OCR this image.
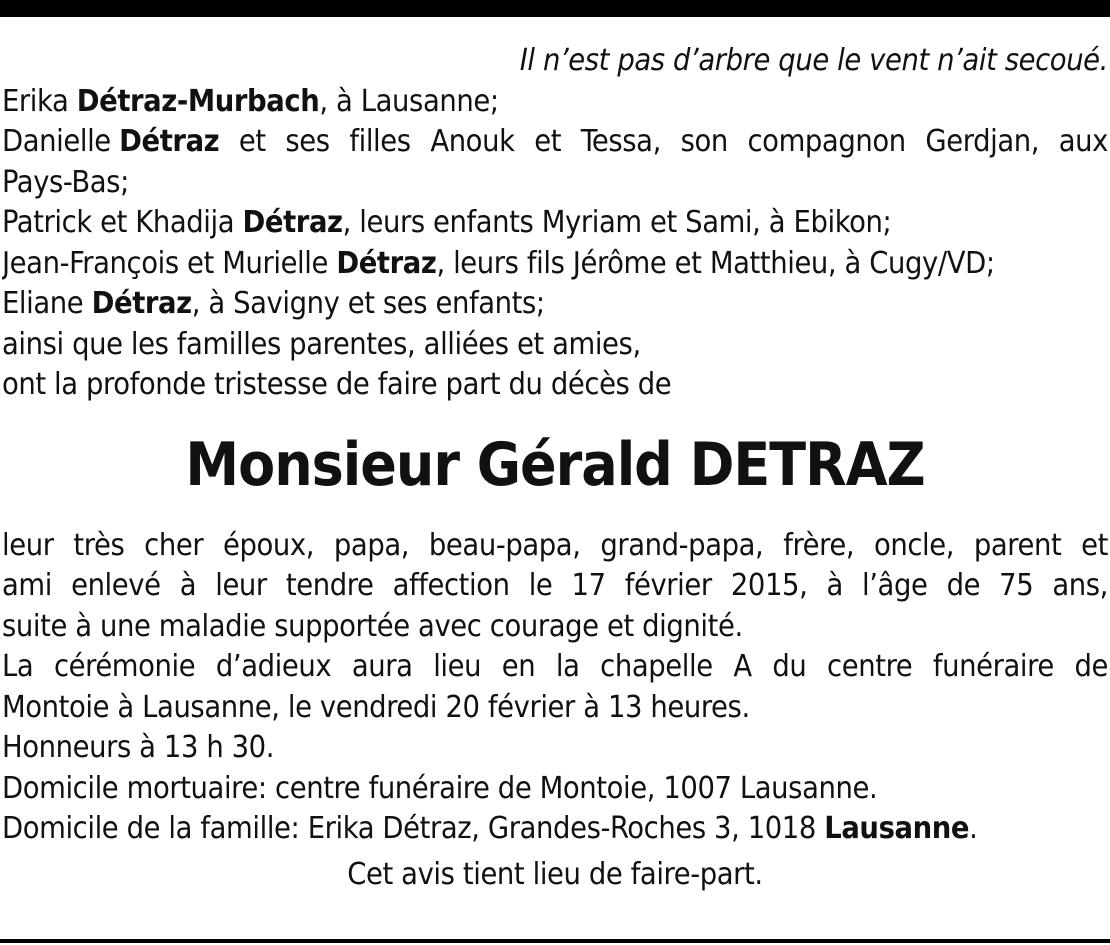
Il n’est pas d’arbre que le vent n’ait secoué.
Erika Détraz-Murbach, à Lausanne;
Danielle Détraz et ses filles Anouk et Tessa, son compagnon Gerdjan, aux
Pays-Bas;
Patrick et Khadija Détraz, leurs enfants Myriam et Sami, à Ebikon;
Jean-François et Murielle Détraz, leurs fils Jérôme et Matthieu, à Cugy/VD;
Eliane Détraz, à Savigny et ses enfants;
ainsi que les familles parentes, alliées et amies,
ont la profonde tristesse de faire part du décès de
Monsieur Gérald DETRAZ
leur très cher époux, papa, beau-papa, grand-papa, frère, oncle, parent et
ami enlevé à leur tendre affection le 17 février 2015, à l’âge de 75 ans,
suite à une maladie supportée avec courage et dignité.
La cérémonie d’adieux aura lieu en la chapelle A du centre funéraire de
Montoie à Lausanne, le vendredi 20 février à 13 heures.
Honneurs à 13 h 30.
Domicile mortuaire: centre funéraire de Montoie, 1007 Lausanne.
Domicile de la famille: Erika Détraz, Grandes-Roches 3, 1018 Lausanne.
Cet avis tient lieu de faire-part.
